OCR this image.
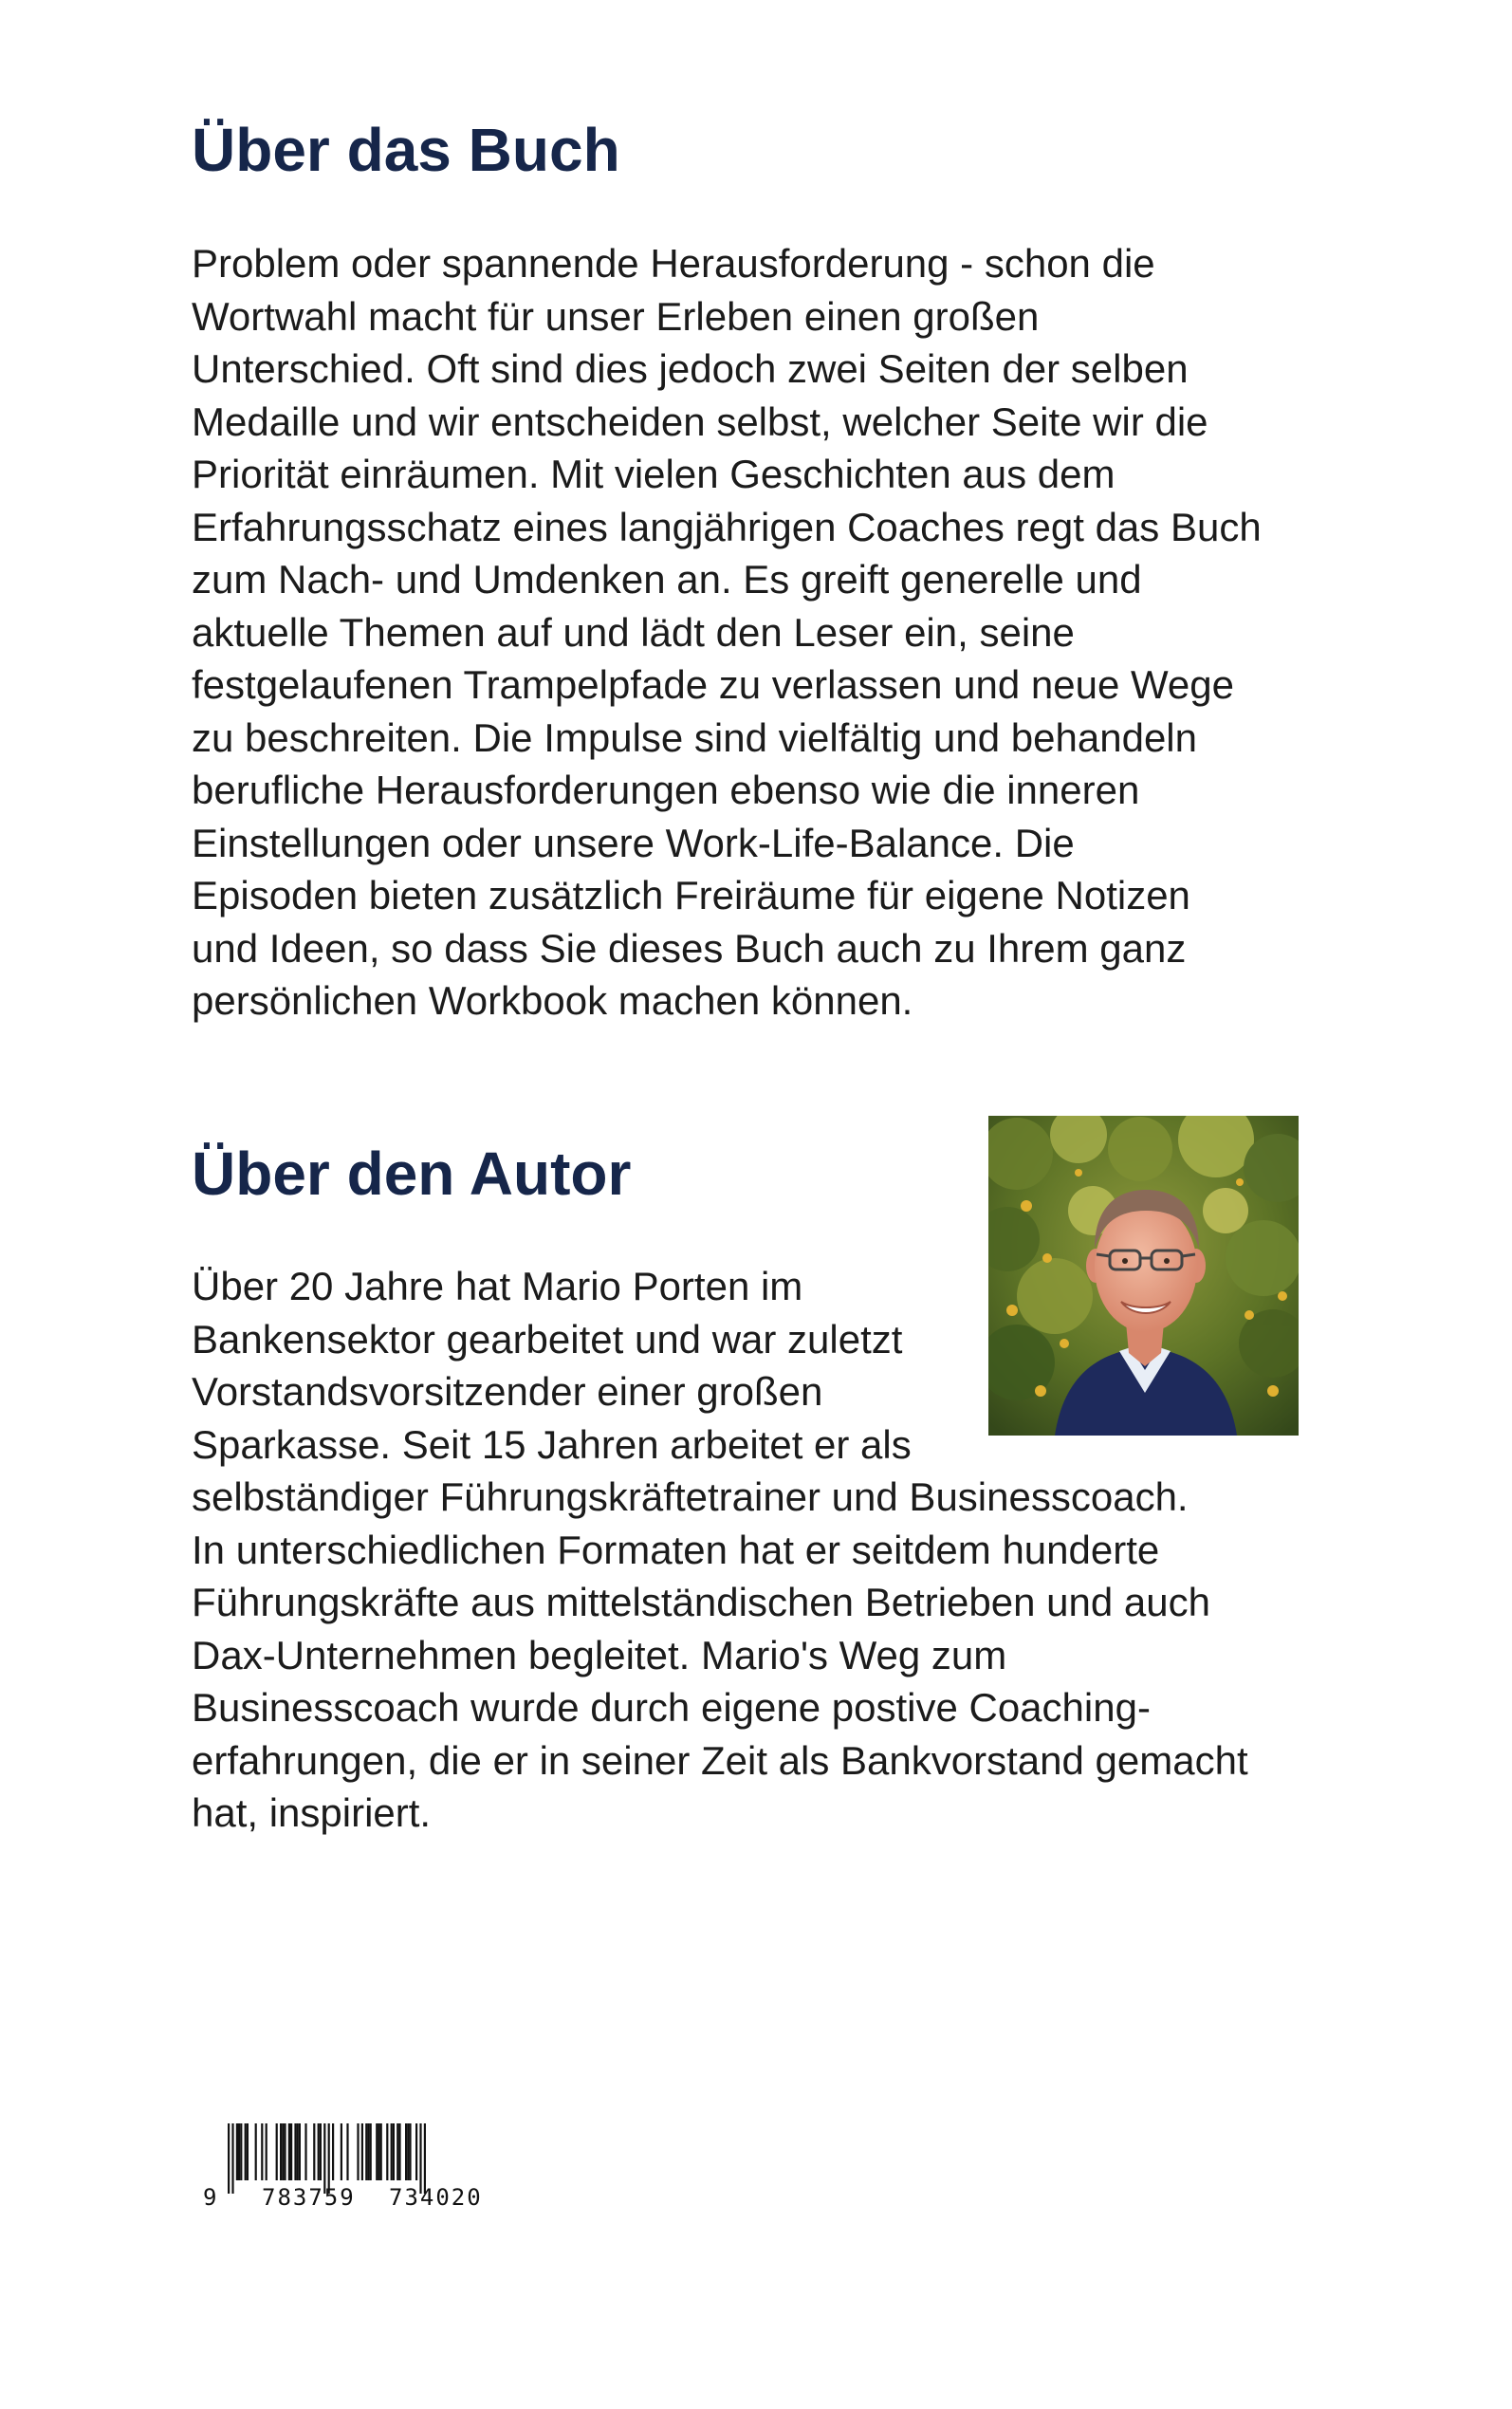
Über das Buch

Problem oder spannende Herausforderung - schon die
Wortwahl macht für unser Erleben einen großen
Unterschied. Oft sind dies jedoch zwei Seiten der selben
Medaille und wir entscheiden selbst, welcher Seite wir die
Priorität einräumen. Mit vielen Geschichten aus dem
Erfahrungsschatz eines langjährigen Coaches regt das Buch
zum Nach- und Umdenken an. Es greift generelle und
aktuelle Themen auf und lädt den Leser ein, seine
festgelaufenen Trampelpfade zu verlassen und neue Wege
zu beschreiten. Die Impulse sind vielfältig und behandeln
berufliche Herausforderungen ebenso wie die inneren
Einstellungen oder unsere Work-Life-Balance. Die
Episoden bieten zusätzlich Freiräume für eigene Notizen
und Ideen, so dass Sie dieses Buch auch zu Ihrem ganz
persönlichen Workbook machen können.

Über den Autor

Über 20 Jahre hat Mario Porten im
Bankensektor gearbeitet und war zuletzt
Vorstandsvorsitzender einer großen
Sparkasse. Seit 15 Jahren arbeitet er als
selbständiger Führungskräftetrainer und Businesscoach.
In unterschiedlichen Formaten hat er seitdem hunderte
Führungskräfte aus mittelständischen Betrieben und auch
Dax-Unternehmen begleitet. Mario's Weg zum
Businesscoach wurde durch eigene postive Coaching-
erfahrungen, die er in seiner Zeit als Bankvorstand gemacht
hat, inspiriert.

9 783759 734020
